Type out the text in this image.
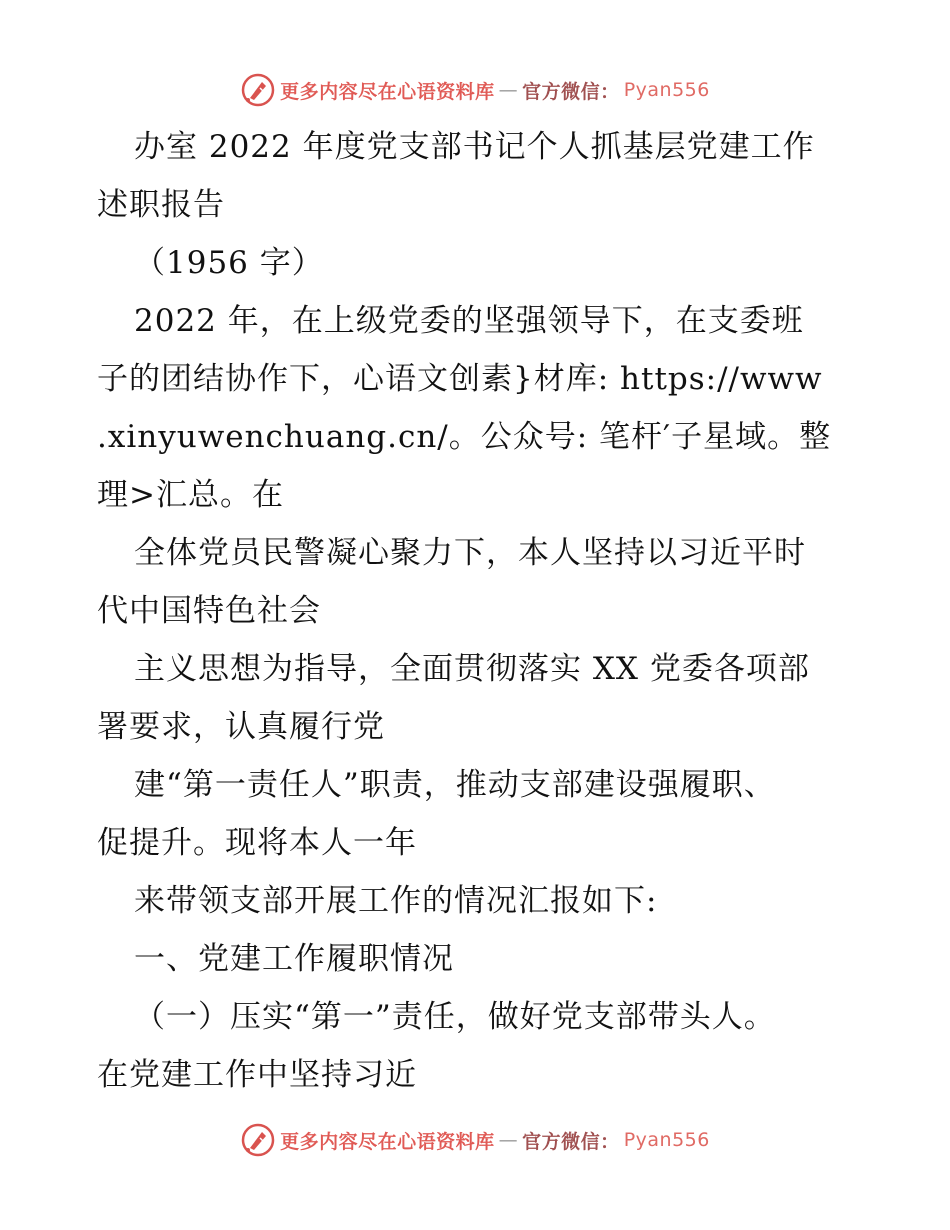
更多内容尽在心语资料库 — 官方微信： Pyan556
办室 2022 年度党支部书记个人抓基层党建工作
述职报告
（1956 字）
2022 年，在上级党委的坚强领导下，在支委班
子的团结协作下，心语文创素}材库: https://www
.xinyuwenchuang.cn/。公众号: 笔杆′子星域。整
理>汇总。在
全体党员民警凝心聚力下，本人坚持以习近平时
代中国特色社会
主义思想为指导，全面贯彻落实 XX 党委各项部
署要求，认真履行党
建“第一责任人”职责，推动支部建设强履职、
促提升。现将本人一年
来带领支部开展工作的情况汇报如下:
一、党建工作履职情况
（一）压实“第一”责任，做好党支部带头人。
在党建工作中坚持习近
更多内容尽在心语资料库 — 官方微信： Pyan556
